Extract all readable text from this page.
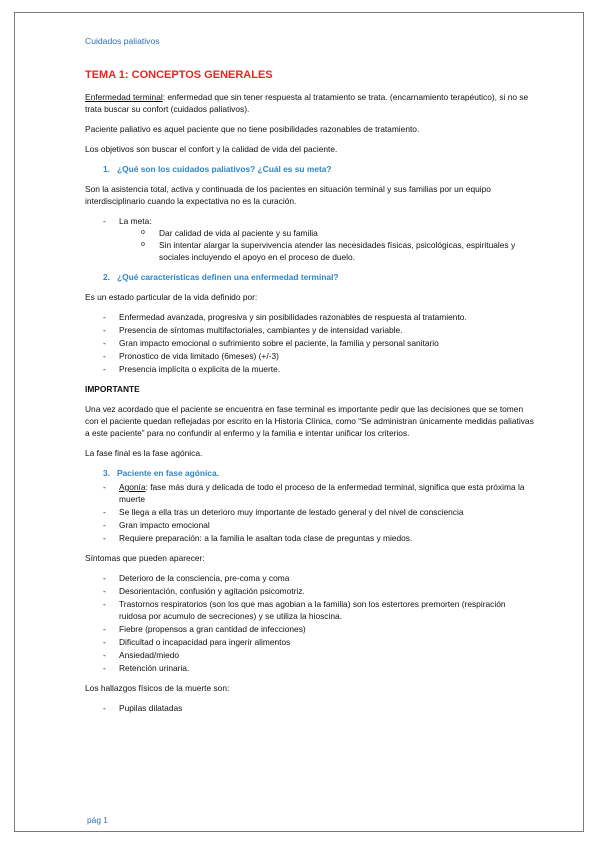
Cuidados paliativos
TEMA 1: CONCEPTOS GENERALES

Enfermedad terminal: enfermedad que sin tener respuesta al tratamiento se trata. (encarnamiento terapéutico), si no se trata buscar su confort (cuidados paliativos).

Paciente paliativo es aquel paciente que no tiene posibilidades razonables de tratamiento.

Los objetivos son buscar el confort y la calidad de vida del paciente.

1. ¿Qué son los cuidados paliativos? ¿Cuál es su meta?

Son la asistencia total, activa y continuada de los pacientes en situación terminal y sus familias por un equipo interdisciplinario cuando la expectativa no es la curación.

- La meta:
o Dar calidad de vida al paciente y su familia
o Sin intentar alargar la supervivencia atender las necesidades físicas, psicológicas, espirituales y sociales incluyendo el apoyo en el proceso de duelo.
2. ¿Qué características definen una enfermedad terminal?

Es un estado particular de la vida definido por:

- Enfermedad avanzada, progresiva y sin posibilidades razonables de respuesta al tratamiento.
- Presencia de síntomas multifactoriales, cambiantes y de intensidad variable.
- Gran impacto emocional o sufrimiento sobre el paciente, la familia y personal sanitario
- Pronostico de vida limitado (6meses) (+/-3)
- Presencia implícita o explicita de la muerte.

IMPORTANTE

Una vez acordado que el paciente se encuentra en fase terminal es importante pedir que las decisiones que se tomen con el paciente quedan reflejadas por escrito en la Historia Clínica, como “Se administran únicamente medidas paliativas a este paciente” para no confundir al enfermo y la familia e intentar unificar los criterios.

La fase final es la fase agónica.

3. Paciente en fase agónica.
- Agonía: fase más dura y delicada de todo el proceso de la enfermedad terminal, significa que esta próxima la muerte
- Se llega a ella tras un deterioro muy importante de lestado general y del nivel de consciencia
- Gran impacto emocional
- Requiere preparación: a la familia le asaltan toda clase de preguntas y miedos.

Síntomas que pueden aparecer:

- Deterioro de la consciencia, pre-coma y coma
- Desorientación, confusión y agitación psicomotriz.
- Trastornos respiratorios (son los que mas agobian a la familia) son los estertores premorten (respiración ruidosa por acumulo de secreciones) y se utiliza la hioscina.
- Fiebre (propensos a gran cantidad de infecciones)
- Dificultad o incapacidad para ingerir alimentos
- Ansiedad/miedo
- Retención urinaria.

Los hallazgos físicos de la muerte son:

- Pupilas dilatadas
pág 1
